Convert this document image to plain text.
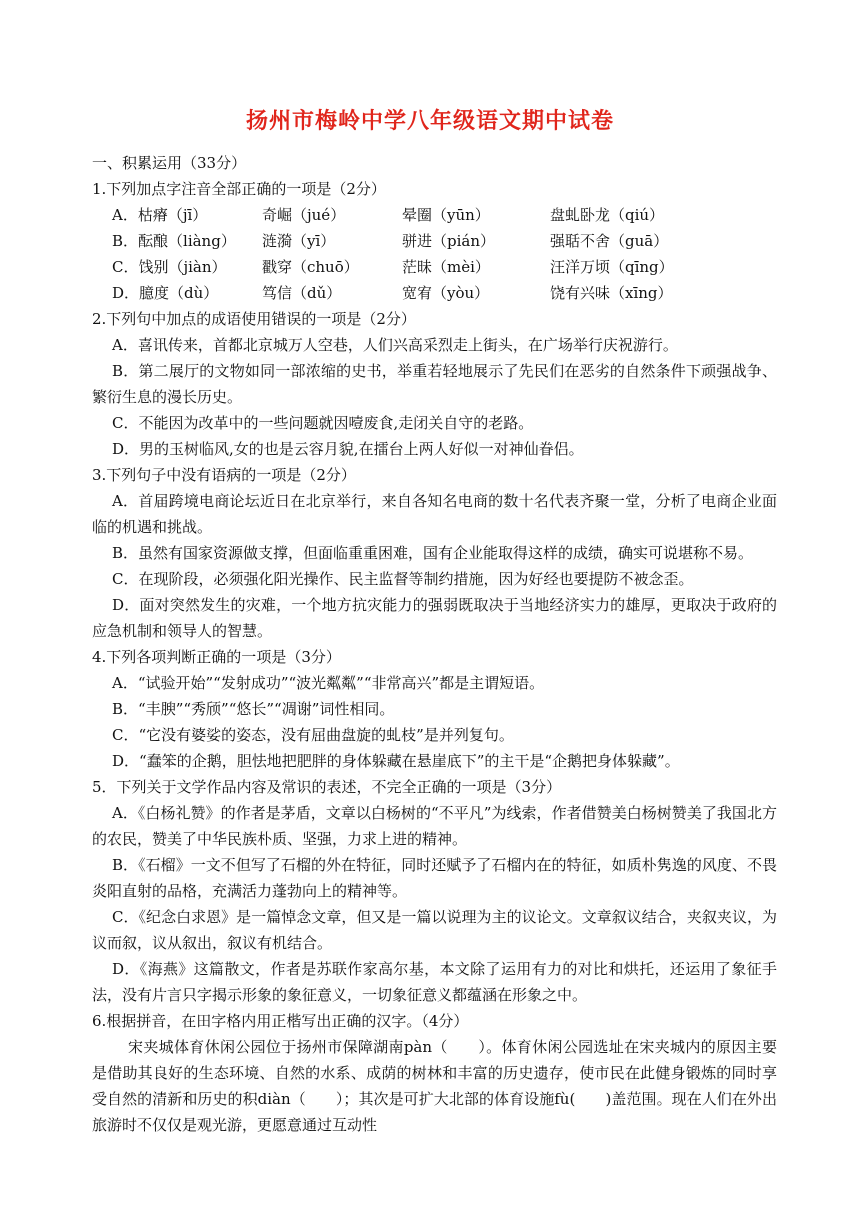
扬州市梅岭中学八年级语文期中试卷
一、积累运用（33分）
1.下列加点字注音全部正确的一项是（2分）
A．枯瘠（jī）	奇崛（jué）	晕圈（yūn）	盘虬卧龙（qiú）
B．酝酿（liàng）	涟漪（yī）	骈进（pián）	强聒不舍（guā）
C．饯别（jiàn）	戳穿（chuō）	茫昧（mèi）	汪洋万顷（qīng）
D．臆度（dù）	笃信（dǔ）	宽宥（yòu）	饶有兴味（xīng）
2.下列句中加点的成语使用错误的一项是（2分）
A．喜讯传来，首都北京城万人空巷，人们兴高采烈走上街头，在广场举行庆祝游行。
B．第二展厅的文物如同一部浓缩的史书，举重若轻地展示了先民们在恶劣的自然条件下顽强战争、繁衍生息的漫长历史。
C．不能因为改革中的一些问题就因噎废食,走闭关自守的老路。
D．男的玉树临风,女的也是云容月貌,在擂台上两人好似一对神仙眷侣。
3.下列句子中没有语病的一项是（2分）
A．首届跨境电商论坛近日在北京举行，来自各知名电商的数十名代表齐聚一堂，分析了电商企业面临的机遇和挑战。
B．虽然有国家资源做支撑，但面临重重困难，国有企业能取得这样的成绩，确实可说堪称不易。
C．在现阶段，必须强化阳光操作、民主监督等制约措施，因为好经也要提防不被念歪。
D．面对突然发生的灾难，一个地方抗灾能力的强弱既取决于当地经济实力的雄厚，更取决于政府的应急机制和领导人的智慧。
4.下列各项判断正确的一项是（3分）
A．“试验开始”“发射成功”“波光粼粼”“非常高兴”都是主谓短语。
B．“丰腴”“秀颀”“悠长”“凋谢”词性相同。
C．“它没有婆娑的姿态，没有屈曲盘旋的虬枝”是并列复句。
D．“蠢笨的企鹅，胆怯地把肥胖的身体躲藏在悬崖底下”的主干是“企鹅把身体躲藏”。
5．下列关于文学作品内容及常识的表述，不完全正确的一项是（3分）
A．《白杨礼赞》的作者是茅盾，文章以白杨树的“不平凡”为线索，作者借赞美白杨树赞美了我国北方的农民，赞美了中华民族朴质、坚强，力求上进的精神。
B．《石榴》一文不但写了石榴的外在特征，同时还赋予了石榴内在的特征，如质朴隽逸的风度、不畏炎阳直射的品格，充满活力蓬勃向上的精神等。
C．《纪念白求恩》是一篇悼念文章，但又是一篇以说理为主的议论文。文章叙议结合，夹叙夹议，为议而叙，议从叙出，叙议有机结合。
D．《海燕》这篇散文，作者是苏联作家高尔基，本文除了运用有力的对比和烘托，还运用了象征手法，没有片言只字揭示形象的象征意义，一切象征意义都蕴涵在形象之中。
6.根据拼音，在田字格内用正楷写出正确的汉字。（4分）
宋夹城体育休闲公园位于扬州市保障湖南pàn（　　）。体育休闲公园选址在宋夹城内的原因主要是借助其良好的生态环境、自然的水系、成荫的树林和丰富的历史遗存，使市民在此健身锻炼的同时享受自然的清新和历史的积diàn（　　）；其次是可扩大北部的体育设施fù(　　)盖范围。现在人们在外出旅游时不仅仅是观光游，更愿意通过互动性
